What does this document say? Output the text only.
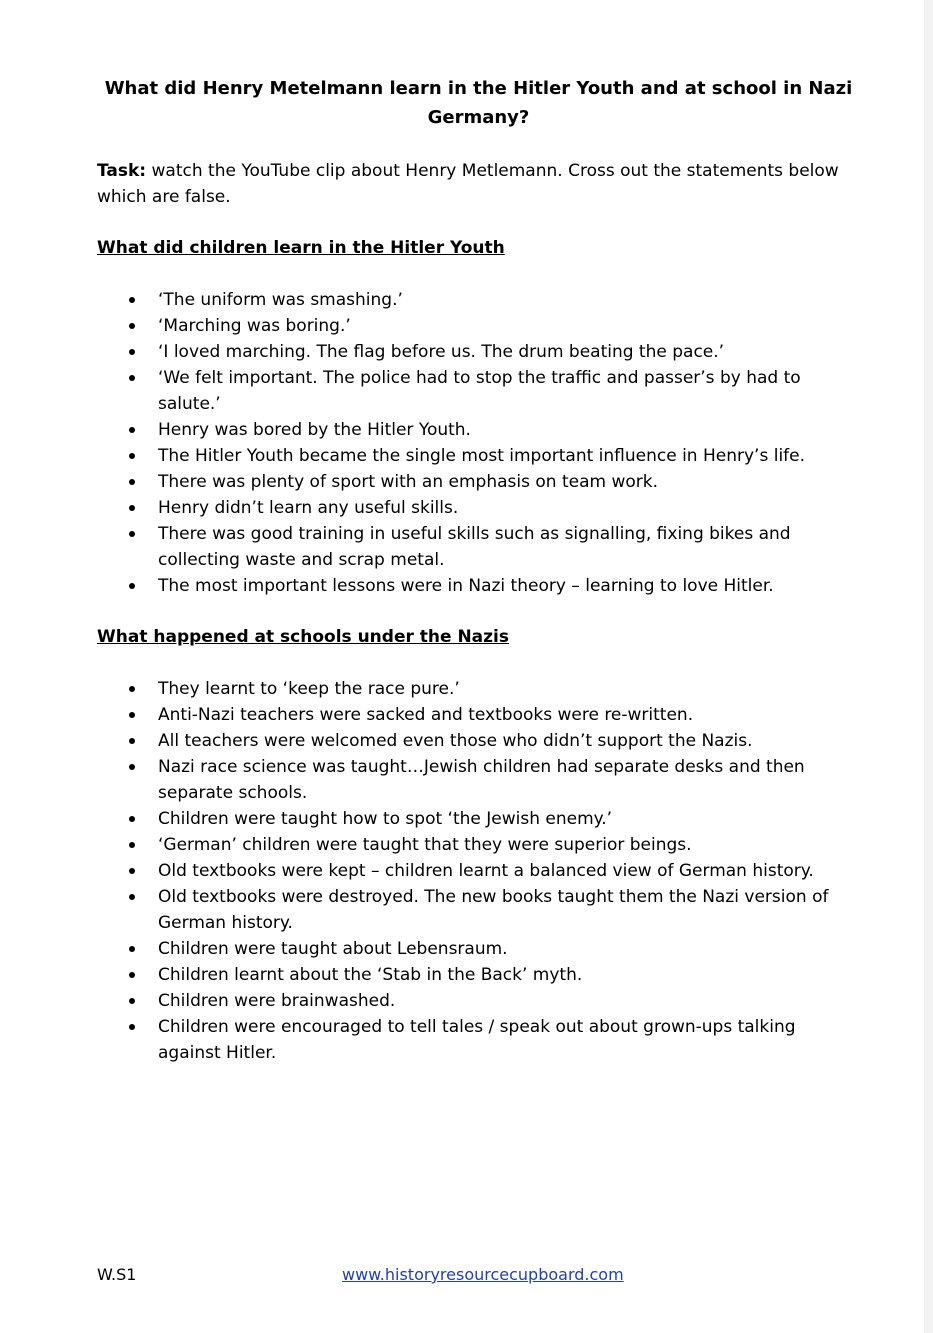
What did Henry Metelmann learn in the Hitler Youth and at school in Nazi Germany?

Task: watch the YouTube clip about Henry Metlemann. Cross out the statements below which are false.

What did children learn in the Hitler Youth
‘The uniform was smashing.’
‘Marching was boring.’
‘I loved marching. The flag before us. The drum beating the pace.’
‘We felt important. The police had to stop the traffic and passer’s by had to salute.’
Henry was bored by the Hitler Youth.
The Hitler Youth became the single most important influence in Henry’s life.
There was plenty of sport with an emphasis on team work.
Henry didn’t learn any useful skills.
There was good training in useful skills such as signalling, fixing bikes and collecting waste and scrap metal.
The most important lessons were in Nazi theory – learning to love Hitler.
What happened at schools under the Nazis
They learnt to ‘keep the race pure.’
Anti-Nazi teachers were sacked and textbooks were re-written.
All teachers were welcomed even those who didn’t support the Nazis.
Nazi race science was taught…Jewish children had separate desks and then separate schools.
Children were taught how to spot ‘the Jewish enemy.’
‘German’ children were taught that they were superior beings.
Old textbooks were kept – children learnt a balanced view of German history.
Old textbooks were destroyed. The new books taught them the Nazi version of German history.
Children were taught about Lebensraum.
Children learnt about the ‘Stab in the Back’ myth.
Children were brainwashed.
Children were encouraged to tell tales / speak out about grown-ups talking against Hitler.
W.S1	www.historyresourcecupboard.com
